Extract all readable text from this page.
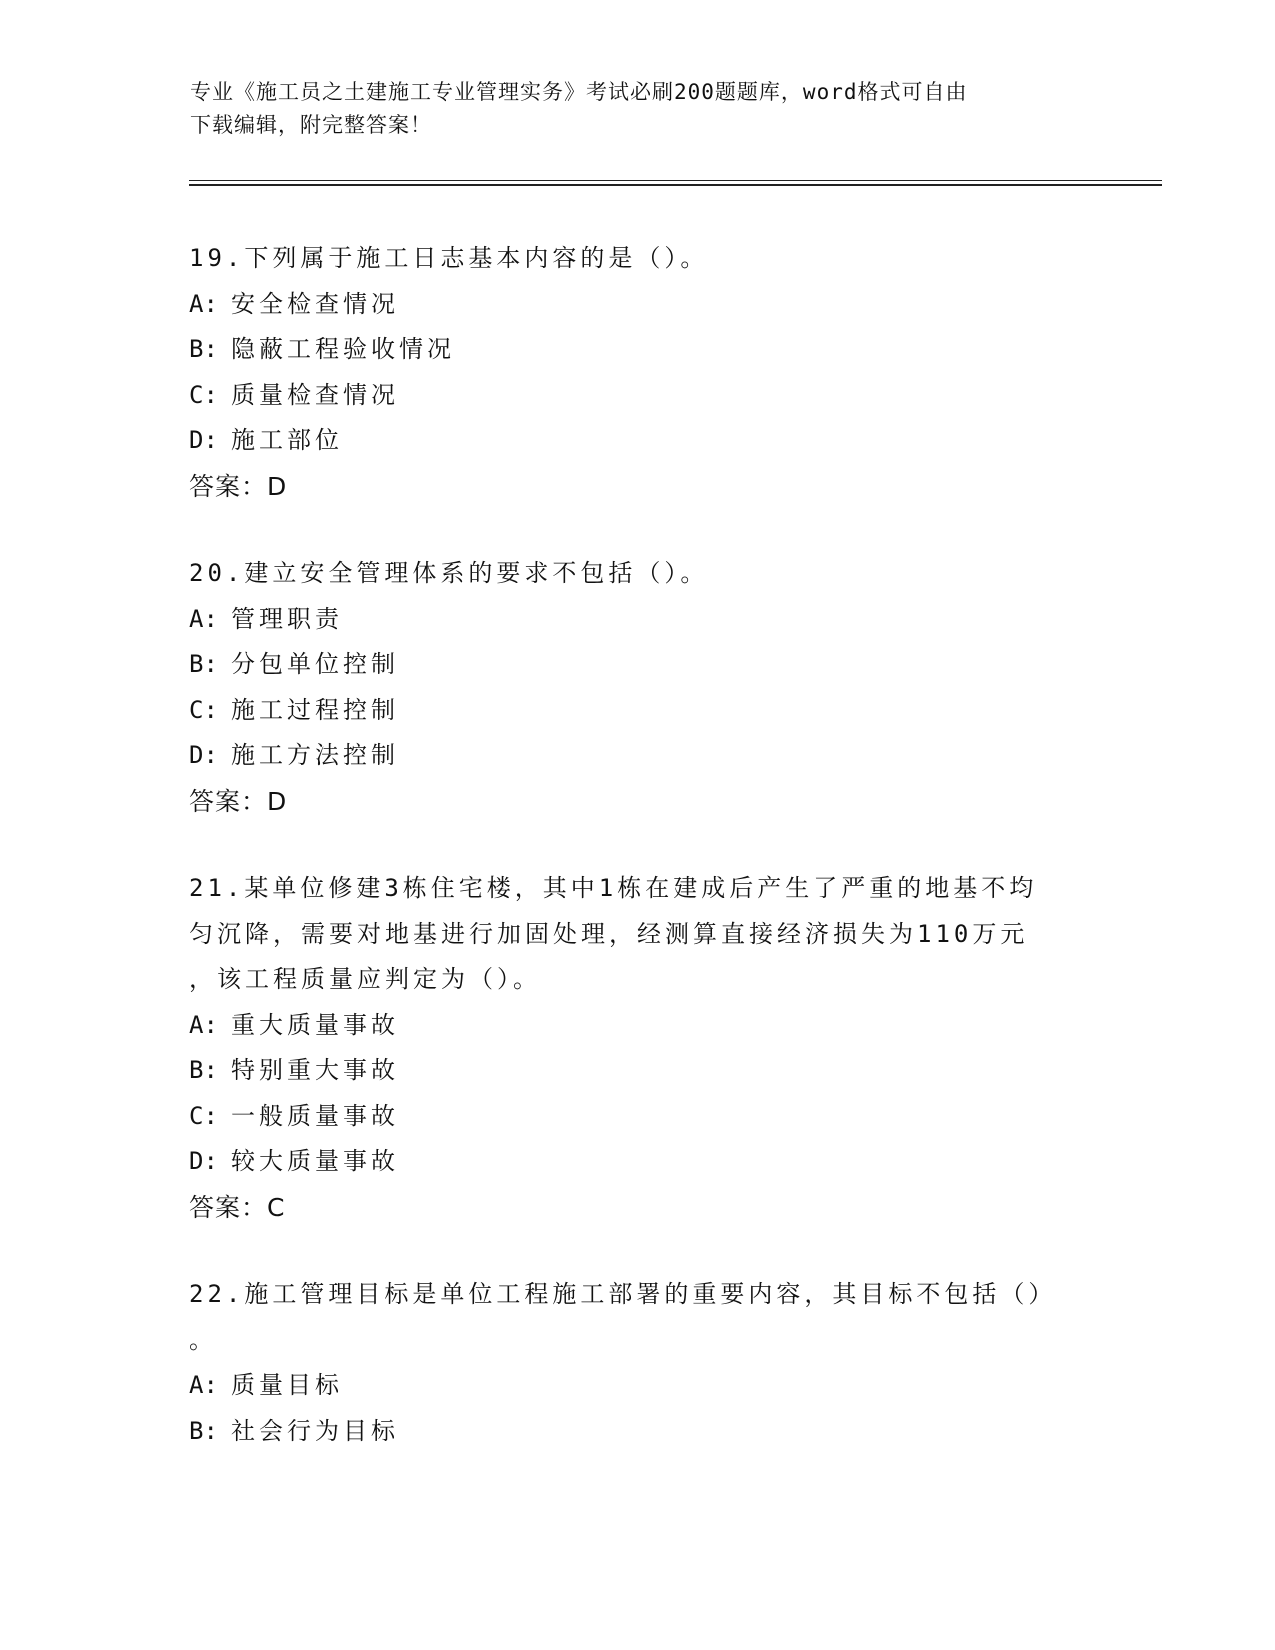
专业《施工员之土建施工专业管理实务》考试必刷200题题库，word格式可自由
下载编辑，附完整答案！
19.下列属于施工日志基本内容的是（）。
A: 安全检查情况
B: 隐蔽工程验收情况
C: 质量检查情况
D: 施工部位
答案：D
20.建立安全管理体系的要求不包括（）。
A: 管理职责
B: 分包单位控制
C: 施工过程控制
D: 施工方法控制
答案：D
21.某单位修建3栋住宅楼，其中1栋在建成后产生了严重的地基不均
匀沉降，需要对地基进行加固处理，经测算直接经济损失为110万元
，该工程质量应判定为（）。
A: 重大质量事故
B: 特别重大事故
C: 一般质量事故
D: 较大质量事故
答案：C
22.施工管理目标是单位工程施工部署的重要内容，其目标不包括（）
。
A: 质量目标
B: 社会行为目标
